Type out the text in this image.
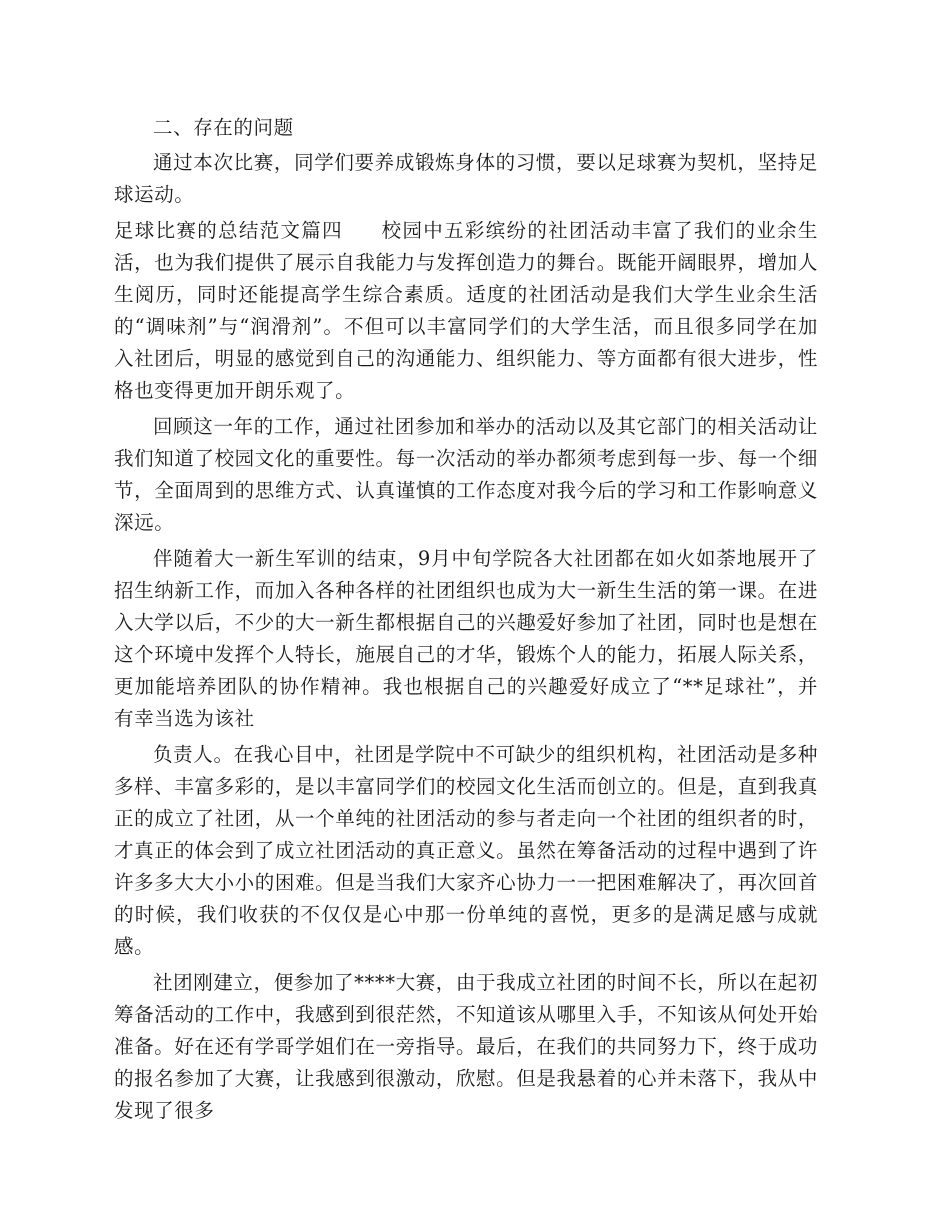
二、存在的问题

通过本次比赛，同学们要养成锻炼身体的习惯，要以足球赛为契机，坚持足球运动。

足球比赛的总结范文篇四 校园中五彩缤纷的社团活动丰富了我们的业余生活，也为我们提供了展示自我能力与发挥创造力的舞台。既能开阔眼界，增加人生阅历，同时还能提高学生综合素质。适度的社团活动是我们大学生业余生活的“调味剂”与“润滑剂”。不但可以丰富同学们的大学生活，而且很多同学在加入社团后，明显的感觉到自己的沟通能力、组织能力、等方面都有很大进步，性格也变得更加开朗乐观了。

回顾这一年的工作，通过社团参加和举办的活动以及其它部门的相关活动让我们知道了校园文化的重要性。每一次活动的举办都须考虑到每一步、每一个细节，全面周到的思维方式、认真谨慎的工作态度对我今后的学习和工作影响意义深远。

伴随着大一新生军训的结束，9月中旬学院各大社团都在如火如荼地展开了招生纳新工作，而加入各种各样的社团组织也成为大一新生生活的第一课。在进入大学以后，不少的大一新生都根据自己的兴趣爱好参加了社团，同时也是想在这个环境中发挥个人特长，施展自己的才华，锻炼个人的能力，拓展人际关系，更加能培养团队的协作精神。我也根据自己的兴趣爱好成立了“**足球社”，并有幸当选为该社

负责人。在我心目中，社团是学院中不可缺少的组织机构，社团活动是多种多样、丰富多彩的，是以丰富同学们的校园文化生活而创立的。但是，直到我真正的成立了社团，从一个单纯的社团活动的参与者走向一个社团的组织者的时，才真正的体会到了成立社团活动的真正意义。虽然在筹备活动的过程中遇到了许许多多大大小小的困难。但是当我们大家齐心协力一一把困难解决了，再次回首的时候，我们收获的不仅仅是心中那一份单纯的喜悦，更多的是满足感与成就感。

社团刚建立，便参加了****大赛，由于我成立社团的时间不长，所以在起初筹备活动的工作中，我感到到很茫然，不知道该从哪里入手，不知该从何处开始准备。好在还有学哥学姐们在一旁指导。最后，在我们的共同努力下，终于成功的报名参加了大赛，让我感到很激动，欣慰。但是我悬着的心并未落下，我从中发现了很多
